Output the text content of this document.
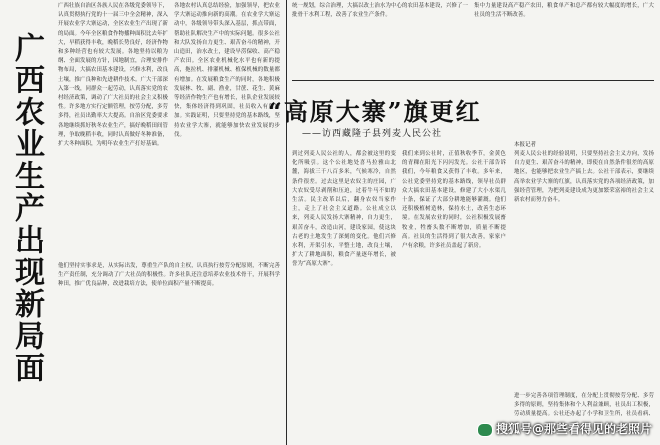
广西农业生产出现新局面
广西壮族自治区各族人民在各级党委领导下，认真贯彻执行党的十一届三中全会精神，深入开展农业学大寨运动，全区农业生产出现了新的局面。今年全区粮食作物播种面积比去年扩大，早稻获得丰收，晚稻长势良好，经济作物和多种经营也有较大发展。各地坚持以粮为纲、全面发展的方针，因地制宜，合理安排作物布局，大搞农田基本建设，兴修水利，改良土壤，推广良种和先进耕作技术。广大干部深入第一线，同群众一起劳动，认真落实党的农村经济政策，调动了广大社员的社会主义积极性。许多地方实行定额管理，按劳分配，多劳多得，社员出勤率大大提高。自治区党委要求各地继续抓好秋冬农业生产，搞好晚稻田间管理，争取晚稻丰收，同时认真做好冬种准备，扩大冬种面积，为明年农业生产打好基础。
各地农村认真总结经验，加强领导，把农业学大寨运动推向新的高潮。在农业学大寨运动中，各级领导带头深入基层，抓点带面，帮助社队解决生产中的实际问题。很多公社和大队发扬自力更生、艰苦奋斗的精神，开山造田，治水改土，建设旱涝保收、高产稳产农田。全区农业机械化水平也有新的提高，拖拉机、排灌机械、植保机械的数量都有增加。在发展粮食生产的同时，各地积极发展林、牧、副、渔业，甘蔗、花生、黄麻等经济作物生产也有增长，社队企业发展较快，集体经济得到巩固，社员收入有所增加。实践证明，只要坚持党的基本路线，坚持农业学大寨，就能够加快农业发展的步伐。
他们坚持实事求是，从实际出发，尊重生产队的自主权，认真执行按劳分配原则，不断完善生产责任制，充分调动了广大社员的积极性。许多社队还注意培养农业技术骨干，开展科学种田，推广优良品种，改进栽培方法，使单位面积产量不断提高。
统一规划，综合治理，大搞以改土治水为中心的农田基本建设，兴修了一批骨干水利工程，改善了农业生产条件。
集中力量建设高产稳产农田，粮食单产和总产都有较大幅度的增长，广大社员的生活不断改善。
“高原大寨”旗更红
——访西藏隆子县列麦人民公社
到过列麦人民公社的人，都会被这里的变化所吸引。这个公社地处喜马拉雅山北麓，海拔三千八百多米，气候寒冷，自然条件很差。过去这里是农奴主的庄园，广大农奴受尽剥削和压迫，过着牛马不如的生活。民主改革以后，翻身农奴当家作主，走上了社会主义道路。公社成立以来，列麦人民发扬大寨精神，自力更生，艰苦奋斗，改造山河，建设家园，使这块古老的土地发生了深刻的变化。他们兴修水利，开渠引水，平整土地，改良土壤，扩大了耕地面积，粮食产量逐年增长，被誉为“高原大寨”。
我们来到公社时，正值秋收季节，金黄色的青稞在阳光下闪闪发光。公社干部告诉我们，今年粮食又获得了丰收。多年来，公社党委坚持党的基本路线，领导社员群众大搞农田基本建设，修建了大小水渠几十条，保证了大部分耕地能够灌溉。他们还积极植树造林，保持水土，改善生态环境。在发展农业的同时，公社积极发展畜牧业，牲畜头数不断增加，质量不断提高。社员的生活得到了很大改善，家家户户有余粮，许多社员盖起了新房。
列麦人民公社的经验说明，只要坚持社会主义方向，发扬自力更生、艰苦奋斗的精神，即使在自然条件很差的高原地区，也能够把农业生产搞上去。公社干部表示，要继续高举农业学大寨的红旗，认真落实党的各项经济政策，加强经营管理，为把列麦建设成为更加繁荣富裕的社会主义新农村而努力奋斗。
进一步完善各项管理制度，在分配上贯彻按劳分配、多劳多得的原则，坚持集体和个人利益兼顾，社员出工积极，劳动质量提高。公社还办起了小学和卫生所，社员看病、
本报记者
搜狐号@那些看得见的老照片
